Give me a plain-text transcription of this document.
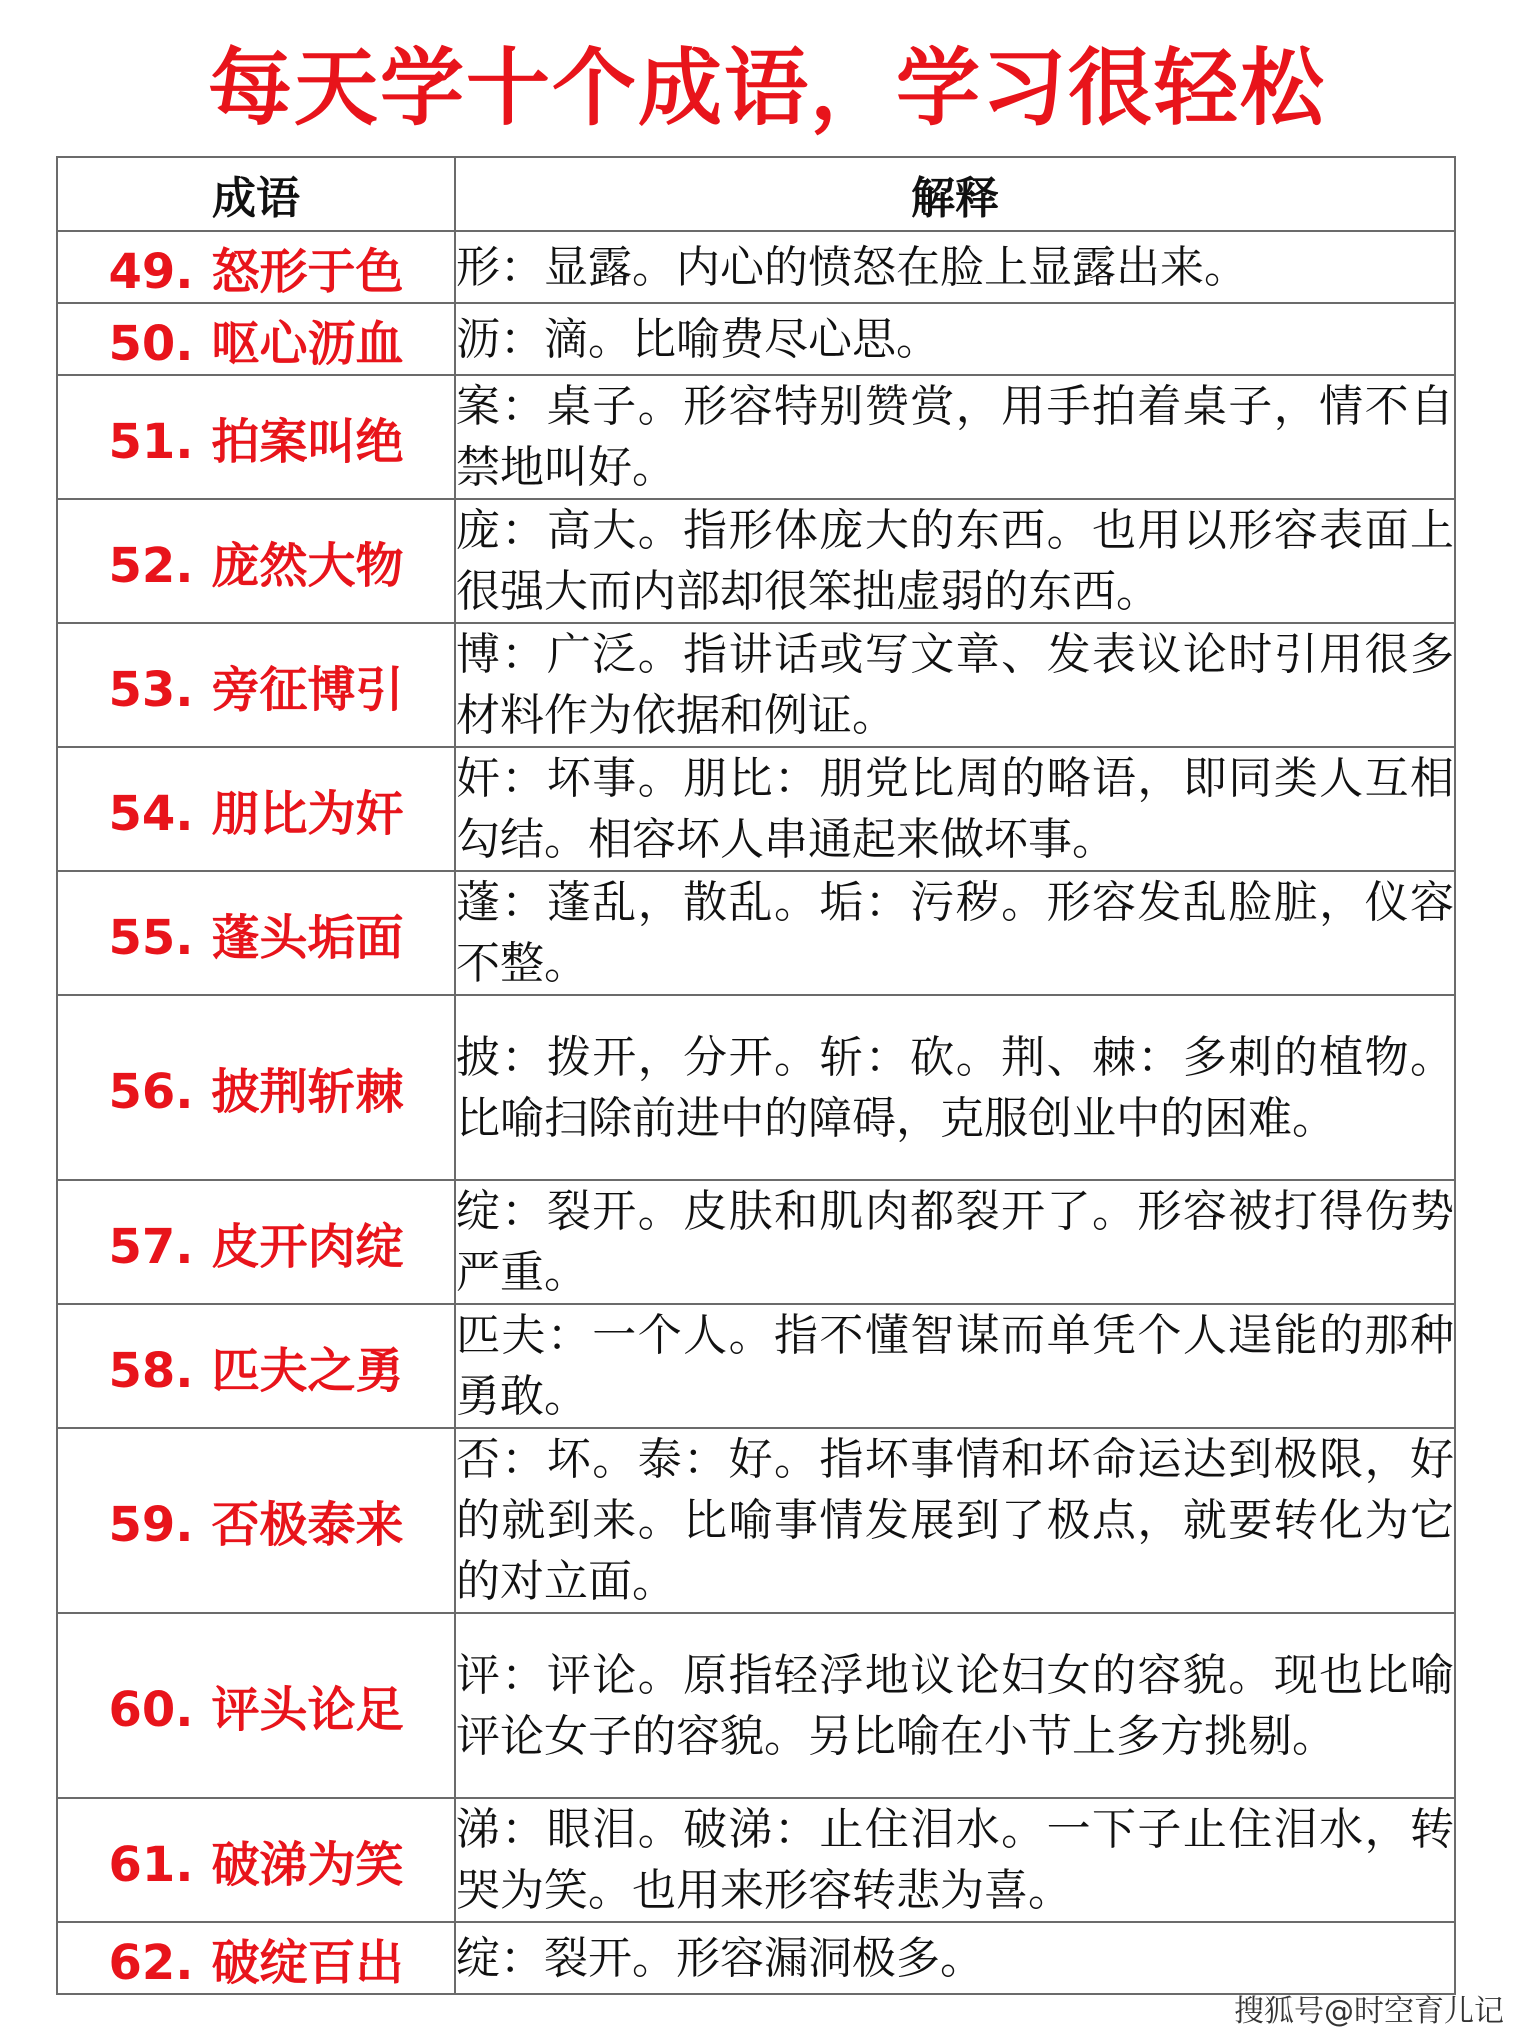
每天学十个成语，学习很轻松
成语	解释
49. 怒形于色	形：显露。内心的愤怒在脸上显露出来。
50. 呕心沥血	沥：滴。比喻费尽心思。
51. 拍案叫绝	案：桌子。形容特别赞赏，用手拍着桌子，情不自禁地叫好。
52. 庞然大物	庞：高大。指形体庞大的东西。也用以形容表面上很强大而内部却很笨拙虚弱的东西。
53. 旁征博引	博：广泛。指讲话或写文章、发表议论时引用很多材料作为依据和例证。
54. 朋比为奸	奸：坏事。朋比：朋党比周的略语，即同类人互相勾结。相容坏人串通起来做坏事。
55. 蓬头垢面	蓬：蓬乱，散乱。垢：污秽。形容发乱脸脏，仪容不整。
56. 披荆斩棘	披：拨开，分开。斩：砍。荆、棘：多刺的植物。比喻扫除前进中的障碍，克服创业中的困难。
57. 皮开肉绽	绽：裂开。皮肤和肌肉都裂开了。形容被打得伤势严重。
58. 匹夫之勇	匹夫：一个人。指不懂智谋而单凭个人逞能的那种勇敢。
59. 否极泰来	否：坏。泰：好。指坏事情和坏命运达到极限，好的就到来。比喻事情发展到了极点，就要转化为它的对立面。
60. 评头论足	评：评论。原指轻浮地议论妇女的容貌。现也比喻评论女子的容貌。另比喻在小节上多方挑剔。
61. 破涕为笑	涕：眼泪。破涕：止住泪水。一下子止住泪水，转哭为笑。也用来形容转悲为喜。
62. 破绽百出	绽：裂开。形容漏洞极多。
搜狐号@时空育儿记
